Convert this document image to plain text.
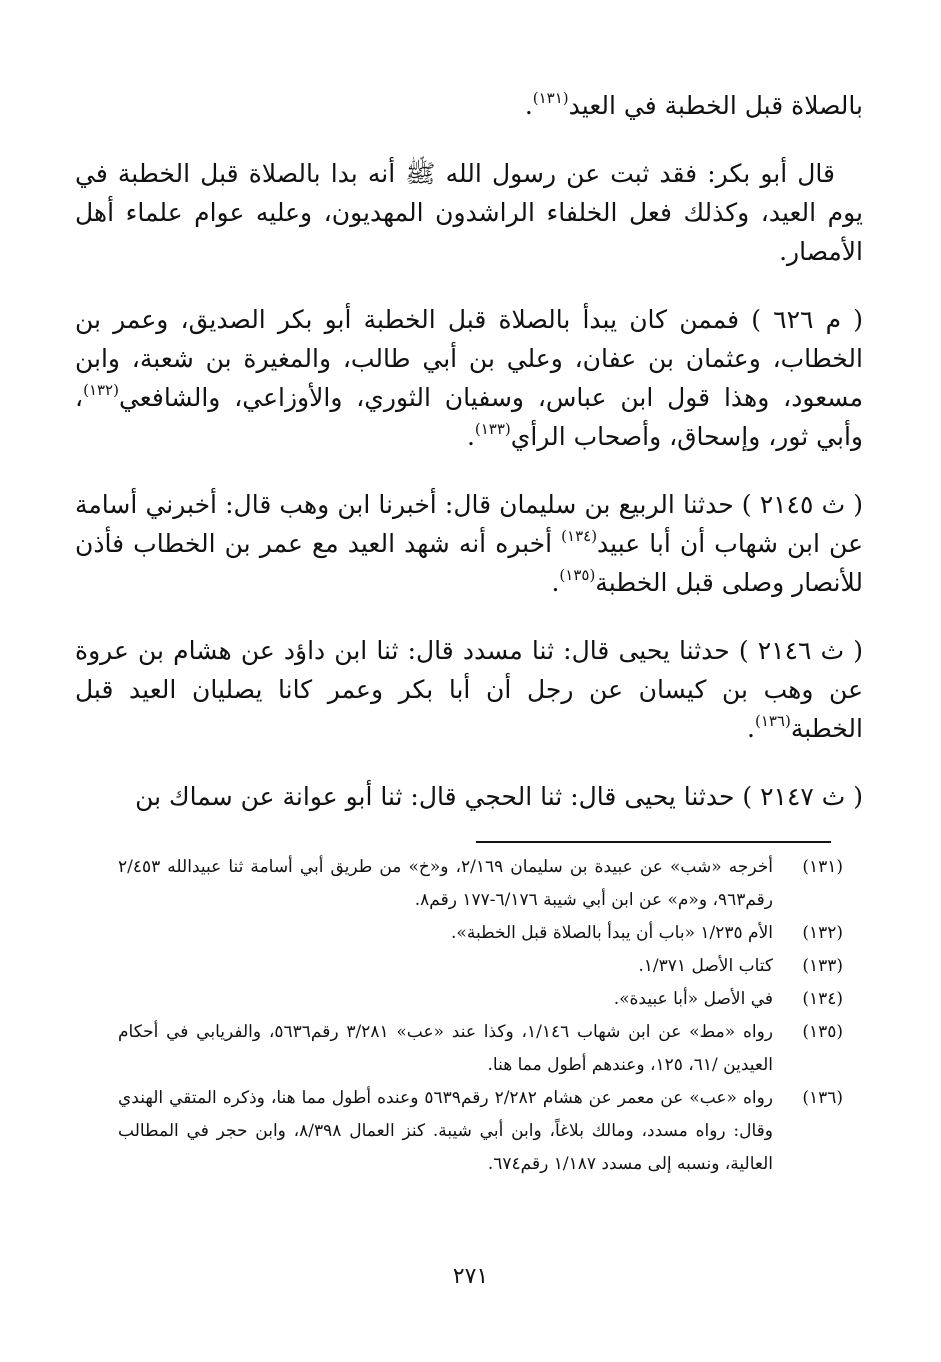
بالصلاة قبل الخطبة في العيد$^{(١٣١)}$.

قال أبو بكر: فقد ثبت عن رسول الله ﷺ أنه بدا بالصلاة قبل الخطبة في يوم العيد، وكذلك فعل الخلفاء الراشدون المهديون، وعليه عوام علماء أهل الأمصار.

( م ٦٢٦ ) فممن كان يبدأ بالصلاة قبل الخطبة أبو بكر الصديق، وعمر بن الخطاب، وعثمان بن عفان، وعلي بن أبي طالب، والمغيرة بن شعبة، وابن مسعود، وهذا قول ابن عباس، وسفيان الثوري، والأوزاعي، والشافعي$^{(١٣٢)}$، وأبي ثور، وإسحاق، وأصحاب الرأي$^{(١٣٣)}$.

( ث ٢١٤٥ ) حدثنا الربيع بن سليمان قال: أخبرنا ابن وهب قال: أخبرني أسامة عن ابن شهاب أن أبا عبيد$^{(١٣٤)}$ أخبره أنه شهد العيد مع عمر بن الخطاب فأذن للأنصار وصلى قبل الخطبة$^{(١٣٥)}$.

( ث ٢١٤٦ ) حدثنا يحيى قال: ثنا مسدد قال: ثنا ابن داؤد عن هشام بن عروة عن وهب بن كيسان عن رجل أن أبا بكر وعمر كانا يصليان العيد قبل الخطبة$^{(١٣٦)}$.

( ث ٢١٤٧ ) حدثنا يحيى قال: ثنا الحجي قال: ثنا أبو عوانة عن سماك بن

(١٣١)
أخرجه «شب» عن عبيدة بن سليمان ٢/١٦٩، و«خ» من طريق أبي أسامة ثنا عبيدالله ٢/٤٥٣ رقم٩٦٣، و«م» عن ابن أبي شيبة ٦/١٧٦-١٧٧ رقم٨.

(١٣٢)
الأم ١/٢٣٥ «باب أن يبدأ بالصلاة قبل الخطبة».

(١٣٣)
كتاب الأصل ١/٣٧١.

(١٣٤)
في الأصل «أبا عبيدة».

(١٣٥)
رواه «مط» عن ابن شهاب ١/١٤٦، وكذا عند «عب» ٣/٢٨١ رقم٥٦٣٦، والفريابي في أحكام العيدين /٦١، ١٢٥، وعندهم أطول مما هنا.

(١٣٦)
رواه «عب» عن معمر عن هشام ٢/٢٨٢ رقم٥٦٣٩ وعنده أطول مما هنا، وذكره المتقي الهندي وقال: رواه مسدد، ومالك بلاغاً، وابن أبي شيبة. كنز العمال ٨/٣٩٨، وابن حجر في المطالب العالية، ونسبه إلى مسدد ١/١٨٧ رقم٦٧٤.

٢٧١
